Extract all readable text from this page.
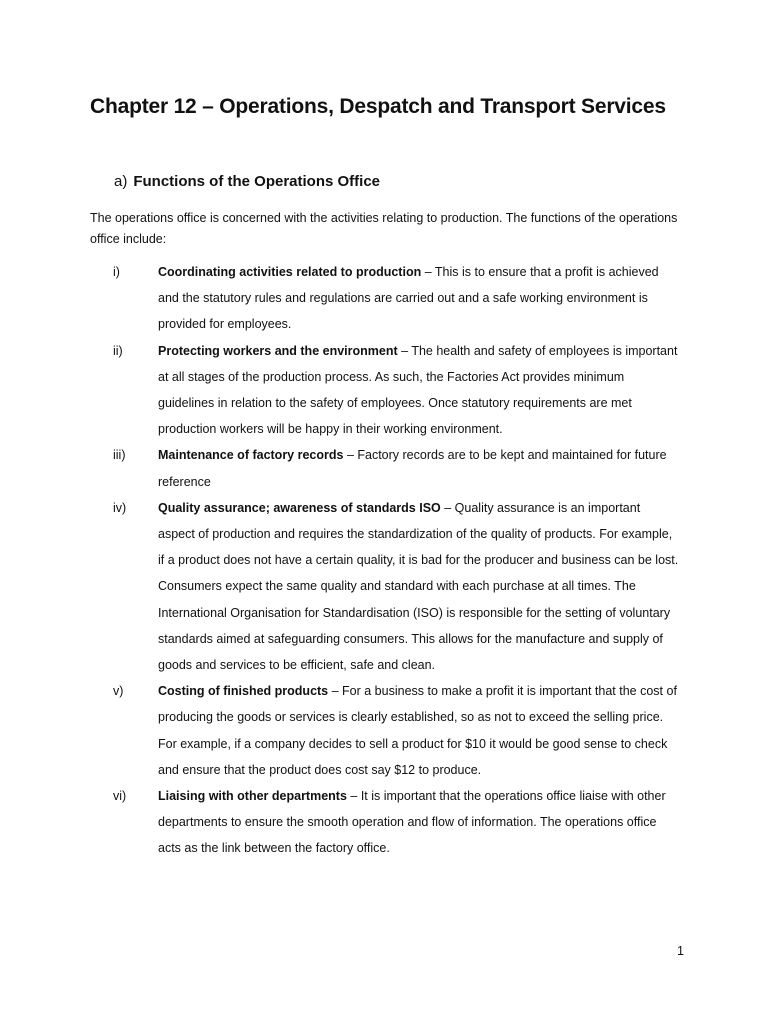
Chapter 12 – Operations, Despatch and Transport Services
a) Functions of the Operations Office

The operations office is concerned with the activities relating to production. The functions of the operations office include:

i)	Coordinating activities related to production – This is to ensure that a profit is achieved and the statutory rules and regulations are carried out and a safe working environment is provided for employees.
ii)	Protecting workers and the environment – The health and safety of employees is important at all stages of the production process. As such, the Factories Act provides minimum guidelines in relation to the safety of employees. Once statutory requirements are met production workers will be happy in their working environment.
iii)	Maintenance of factory records – Factory records are to be kept and maintained for future reference
iv)	Quality assurance; awareness of standards ISO – Quality assurance is an important aspect of production and requires the standardization of the quality of products. For example, if a product does not have a certain quality, it is bad for the producer and business can be lost. Consumers expect the same quality and standard with each purchase at all times. The International Organisation for Standardisation (ISO) is responsible for the setting of voluntary standards aimed at safeguarding consumers. This allows for the manufacture and supply of goods and services to be efficient, safe and clean.
v)	Costing of finished products – For a business to make a profit it is important that the cost of producing the goods or services is clearly established, so as not to exceed the selling price. For example, if a company decides to sell a product for $10 it would be good sense to check and ensure that the product does cost say $12 to produce.
vi)	Liaising with other departments – It is important that the operations office liaise with other departments to ensure the smooth operation and flow of information. The operations office acts as the link between the factory office.
1
